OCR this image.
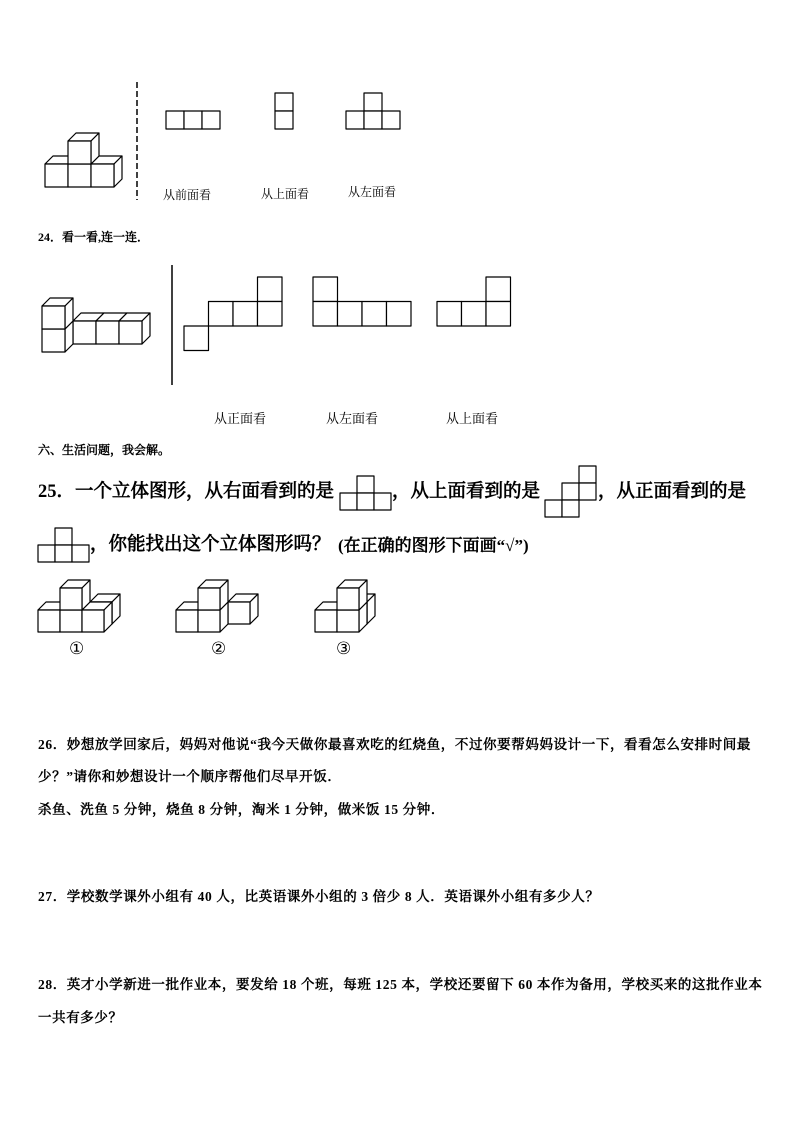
从前面看	从上面看	从左面看
24．看一看,连一连．
从正面看	从左面看	从上面看
六、生活问题，我会解。
25．一个立体图形，从右面看到的是	，从上面看到的是	，从正面看到的是
，你能找出这个立体图形吗？ (在正确的图形下面画“√”)
①	②	③
26．妙想放学回家后，妈妈对他说“我今天做你最喜欢吃的红烧鱼，不过你要帮妈妈设计一下，看看怎么安排时间最
少？”请你和妙想设计一个顺序帮他们尽早开饭．
杀鱼、洗鱼 5 分钟，烧鱼 8 分钟，淘米 1 分钟，做米饭 15 分钟．
27．学校数学课外小组有 40 人，比英语课外小组的 3 倍少 8 人．英语课外小组有多少人？
28．英才小学新进一批作业本，要发给 18 个班，每班 125 本，学校还要留下 60 本作为备用，学校买来的这批作业本
一共有多少？
